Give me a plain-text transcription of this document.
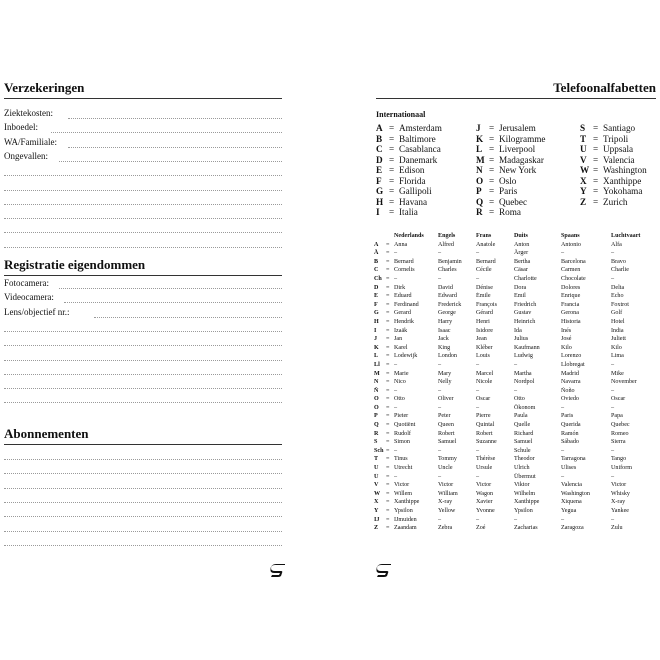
Verzekeringen
Ziektekosten:
Inboedel:
WA/Familiale:
Ongevallen:
Registratie eigendommen
Fotocamera:
Videocamera:
Lens/objectief nr.:
Abonnementen
Telefoonalfabetten
Internationaal
A = Amsterdam
B = Baltimore
C = Casablanca
D = Danemark
E = Edison
F = Florida
G = Gallipoli
H = Havana
I	= Italia
J = Jerusalem
K = Kilogramme
L = Liverpool
M = Madagaskar
N = New York
O = Oslo
P = Paris
Q = Quebec
R = Roma
S = Santiago
T = Tripoli
U = Uppsala
V = Valencia
W = Washington
X = Xanthippe
Y = Yokohama
Z = Zurich
Nederlands	Engels	Frans	Duits	Spaans	Luchtvaart
A	= Anna	Alfred	Anatole	Anton	Antonio	Alfa
Ä	= –	–	–	Ärger	–	–
B	= Bernard	Benjamin	Bernard	Bertha	Barcelona	Bravo
C	= Cornelis	Charles	Cécile	Cäsar	Carmen	Charlie
Ch = –	–	–	Charlotte	Chocolate	–
D	= Dirk	David	Dénise	Dora	Dolores	Delta
E	= Eduard	Edward	Émile	Emil	Enrique	Echo
F	= Ferdinand	Frederick	François	Friedrich	Francia	Foxtrot
G	= Gerard	George	Gérard	Gustav	Gerona	Golf
H	= Hendrik	Harry	Henri	Heinrich	Historia	Hotel
I	= Izaäk	Isaac	Isidore	Ida	Inés	India
J	= Jan	Jack	Jean	Julius	José	Juliett
K	= Karel	King	Kléber	Kaufmann	Kilo	Kilo
L	= Lodewijk	London	Louis	Ludwig	Lorenzo	Lima
Ll	= –	–	–	–	Llobregat	–
M	= Marie	Mary	Marcel	Martha	Madrid	Mike
N	= Nico	Nelly	Nicole	Nordpol	Navarra	November
Ñ	= –	–	–	–	Ñoño	–
O	= Otto	Oliver	Oscar	Otto	Oviedo	Oscar
Ö	= –	–	–	Ökonom	–	–
P	= Pieter	Peter	Pierre	Paula	Paris	Papa
Q	= Quotiënt	Queen	Quintal	Quelle	Querida	Quebec
R	= Rudolf	Robert	Robert	Richard	Ramón	Romeo
S	= Simon	Samuel	Suzanne	Samuel	Sábado	Sierra
Sch = –	–	–	Schule	–	–
T	= Tinus	Tommy	Thérèse	Theodor	Tarragona	Tango
U	= Utrecht	Uncle	Ursule	Ulrich	Ulises	Uniform
Ü	= –	–	–	Übermut	–	–
V	= Victor	Victor	Victor	Viktor	Valencia	Victor
W = Willem	William	Wagon	Wilhelm	Washington	Whisky
X	= Xanthippe	X-ray	Xavier	Xanthippe	Xiquena	X-ray
Y	= Ypsilon	Yellow	Yvonne	Ypsilon	Yegua	Yankee
IJ	= IJmuiden	–	–	–	–	–
Z	= Zaandam	Zebra	Zoé	Zacharias	Zaragoza	Zulu
